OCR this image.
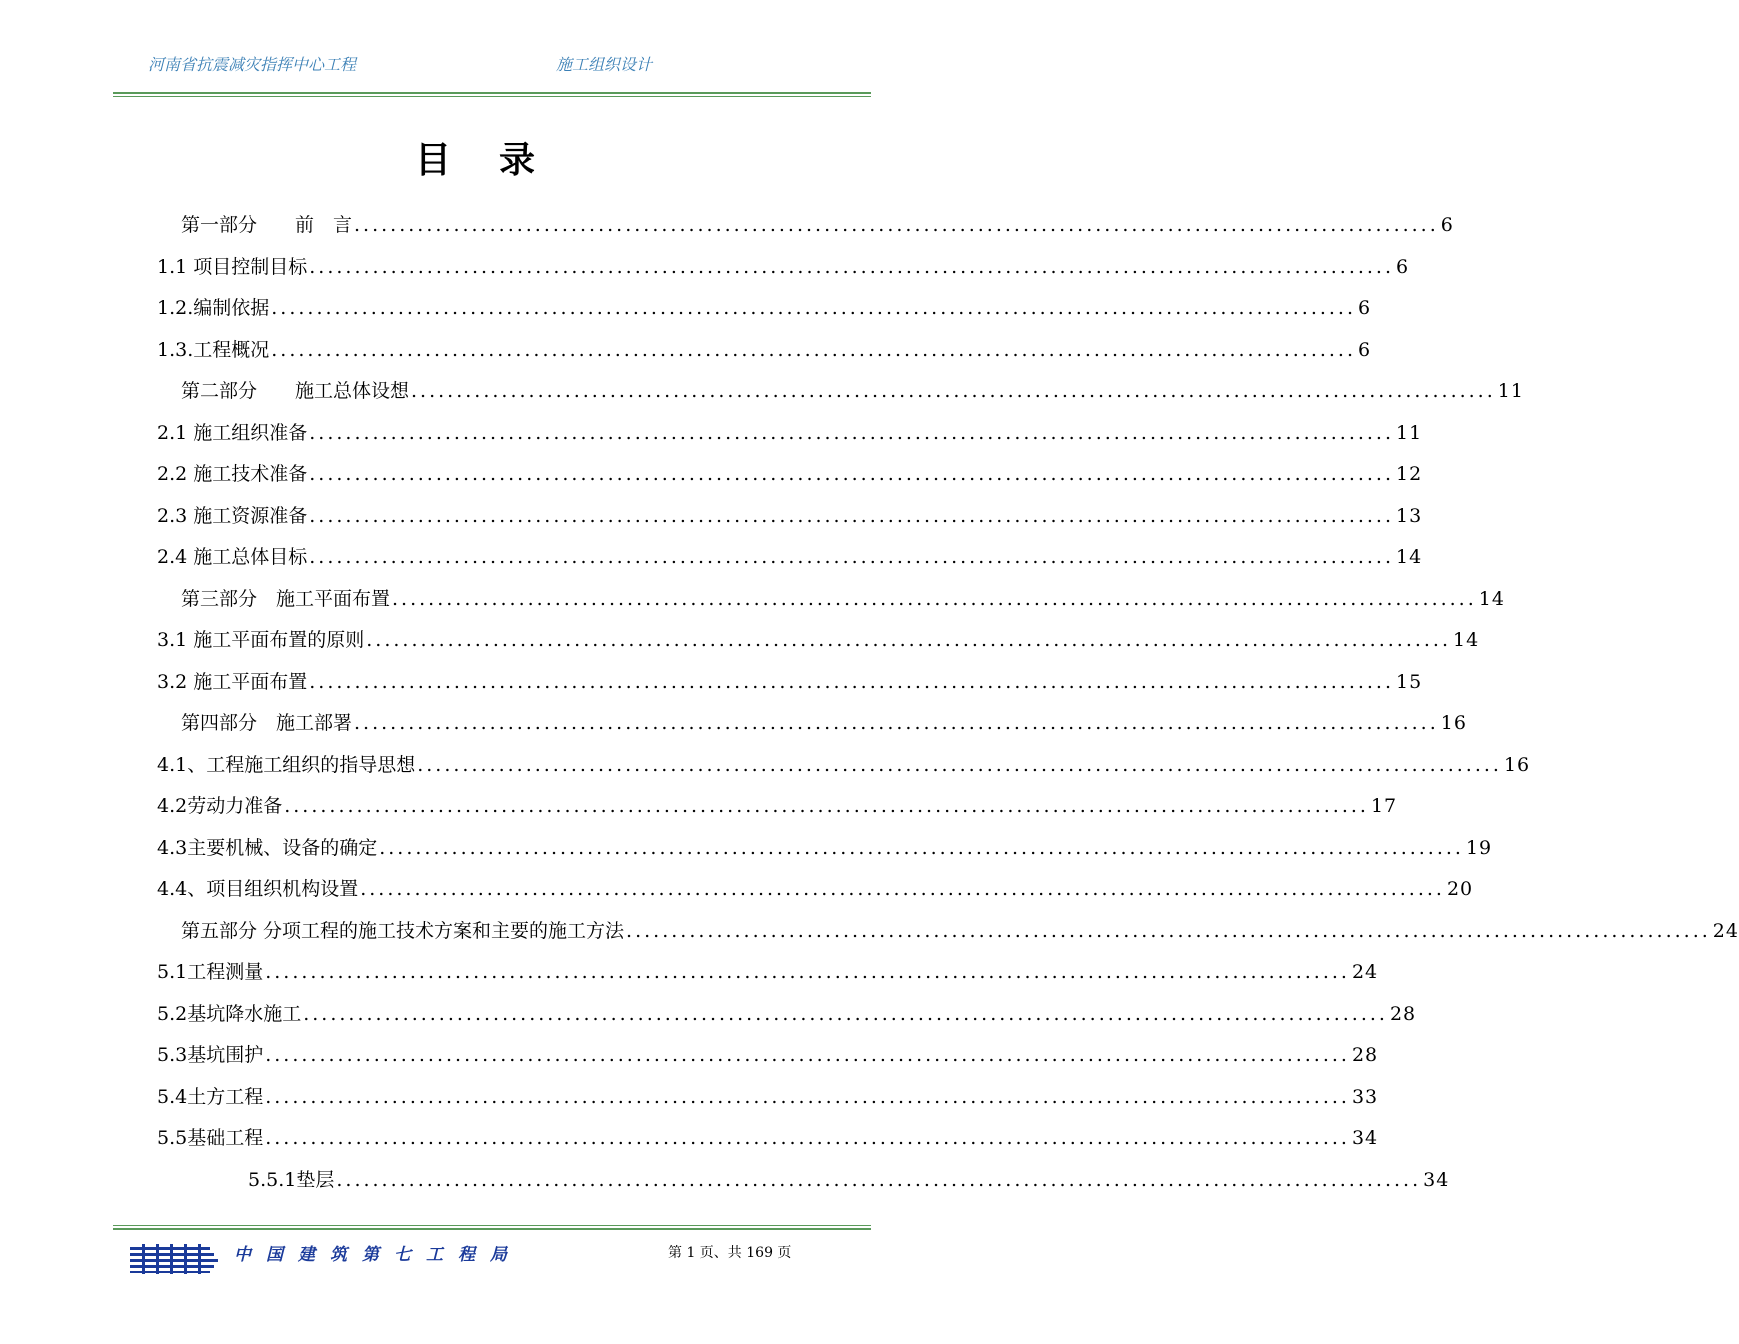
河南省抗震减灾指挥中心工程	施工组织设计
目录
第一部分　　前　言 ........................................................................................................................ 6
1.1 项目控制目标 ........................................................................................................................ 6
1.2.编制依据 ........................................................................................................................ 6
1.3.工程概况 ........................................................................................................................ 6
第二部分　　施工总体设想 ........................................................................................................................ 11
2.1 施工组织准备 ........................................................................................................................ 11
2.2 施工技术准备 ........................................................................................................................ 12
2.3 施工资源准备 ........................................................................................................................ 13
2.4 施工总体目标 ........................................................................................................................ 14
第三部分　施工平面布置 ........................................................................................................................ 14
3.1 施工平面布置的原则 ........................................................................................................................ 14
3.2 施工平面布置 ........................................................................................................................ 15
第四部分　施工部署 ........................................................................................................................ 16
4.1、工程施工组织的指导思想 ........................................................................................................................ 16
4.2劳动力准备 ........................................................................................................................ 17
4.3主要机械、设备的确定 ........................................................................................................................ 19
4.4、项目组织机构设置 ........................................................................................................................ 20
第五部分 分项工程的施工技术方案和主要的施工方法 ........................................................................................................................ 24
5.1工程测量 ........................................................................................................................ 24
5.2基坑降水施工 ........................................................................................................................ 28
5.3基坑围护 ........................................................................................................................ 28
5.4土方工程 ........................................................................................................................ 33
5.5基础工程 ........................................................................................................................ 34
5.5.1垫层 ........................................................................................................................ 34
中国建筑第七工程局	第 1 页、共 169 页
